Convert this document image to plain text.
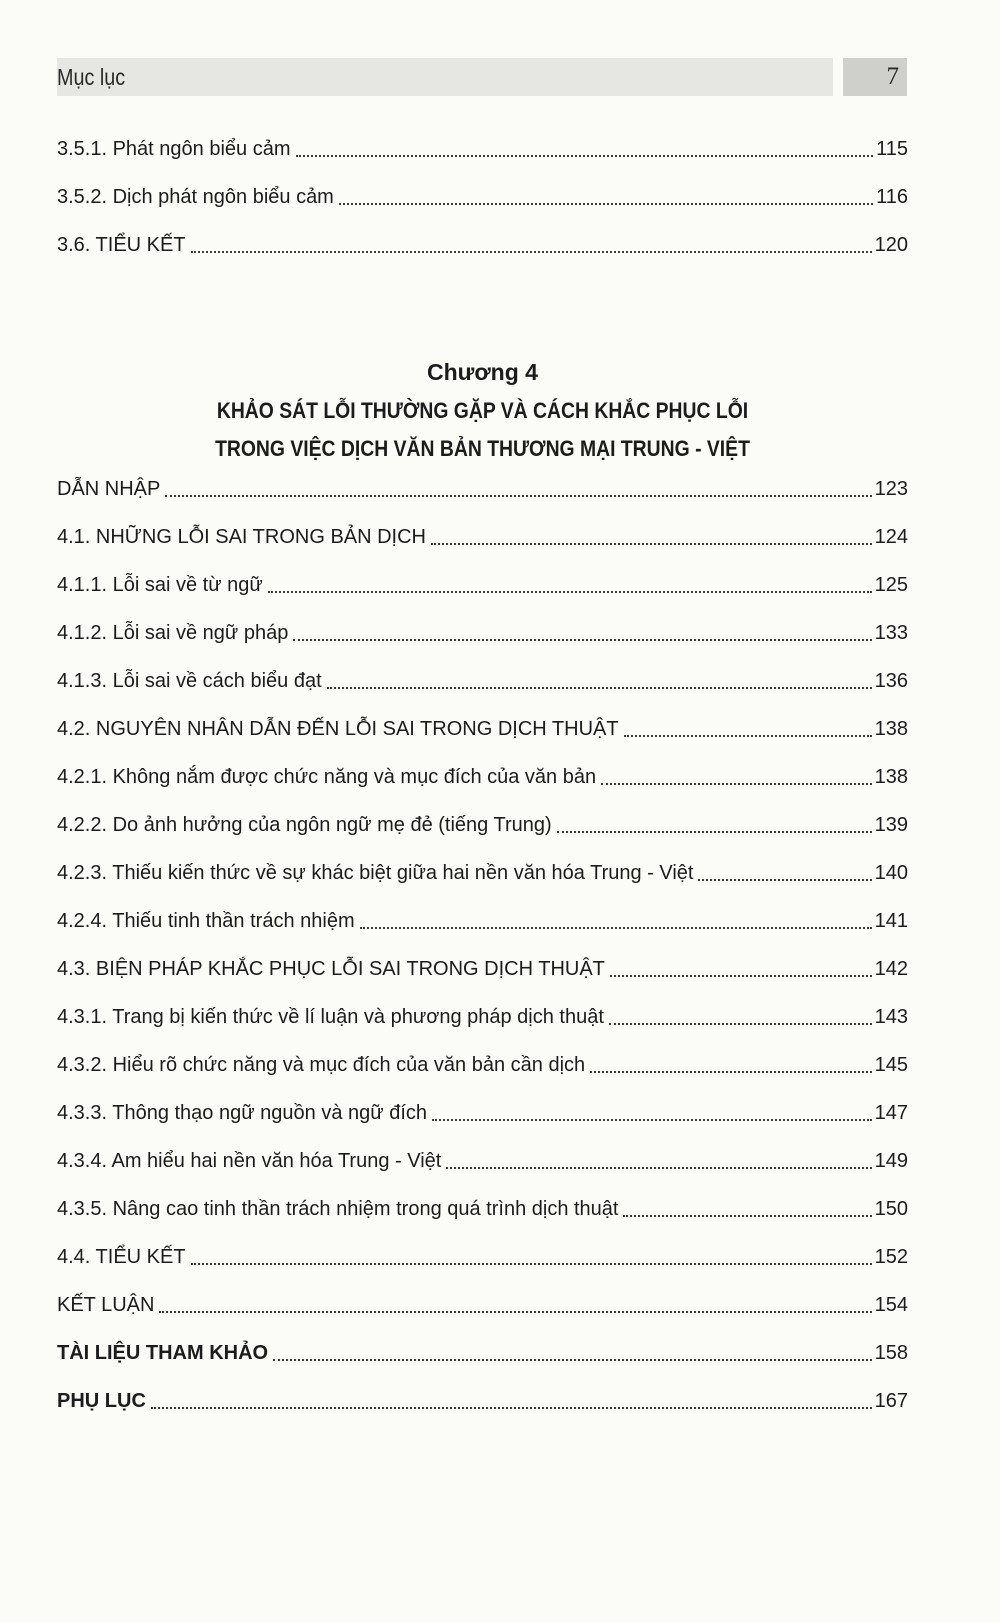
Mục lục	7
3.5.1. Phát ngôn biểu cảm	115
3.5.2. Dịch phát ngôn biểu cảm	116
3.6. TIỂU KẾT	120
Chương 4
KHẢO SÁT LỖI THƯỜNG GẶP VÀ CÁCH KHẮC PHỤC LỖI
TRONG VIỆC DỊCH VĂN BẢN THƯƠNG MẠI TRUNG - VIỆT
DẪN NHẬP	123
4.1. NHỮNG LỖI SAI TRONG BẢN DỊCH	124
4.1.1. Lỗi sai về từ ngữ	125
4.1.2. Lỗi sai về ngữ pháp	133
4.1.3. Lỗi sai về cách biểu đạt	136
4.2. NGUYÊN NHÂN DẪN ĐẾN LỖI SAI TRONG DỊCH THUẬT	138
4.2.1. Không nắm được chức năng và mục đích của văn bản	138
4.2.2. Do ảnh hưởng của ngôn ngữ mẹ đẻ (tiếng Trung)	139
4.2.3. Thiếu kiến thức về sự khác biệt giữa hai nền văn hóa Trung - Việt	140
4.2.4. Thiếu tinh thần trách nhiệm	141
4.3. BIỆN PHÁP KHẮC PHỤC LỖI SAI TRONG DỊCH THUẬT	142
4.3.1. Trang bị kiến thức về lí luận và phương pháp dịch thuật	143
4.3.2. Hiểu rõ chức năng và mục đích của văn bản cần dịch	145
4.3.3. Thông thạo ngữ nguồn và ngữ đích	147
4.3.4. Am hiểu hai nền văn hóa Trung - Việt	149
4.3.5. Nâng cao tinh thần trách nhiệm trong quá trình dịch thuật	150
4.4. TIỂU KẾT	152
KẾT LUẬN	154
TÀI LIỆU THAM KHẢO	158
PHỤ LỤC	167
